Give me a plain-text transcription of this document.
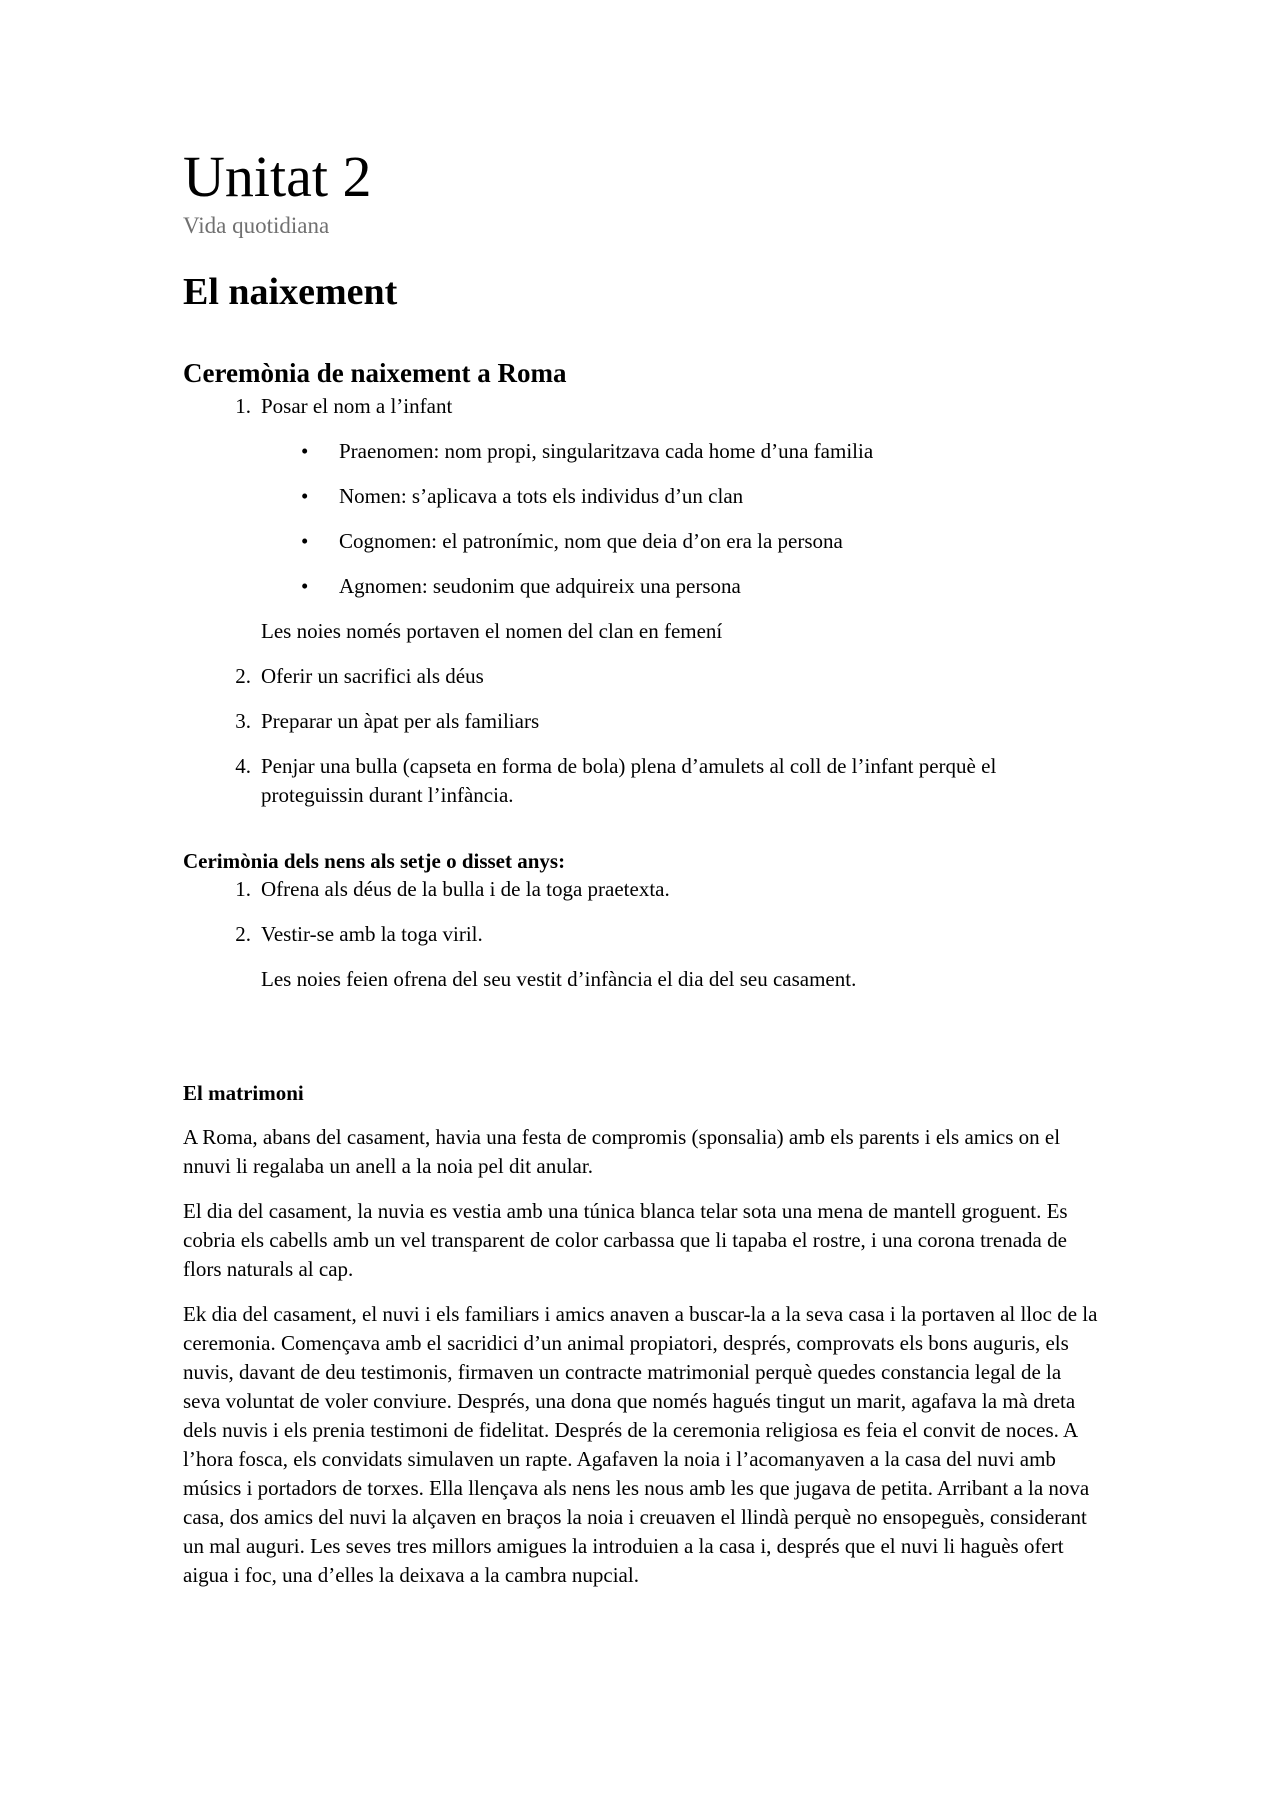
Unitat 2
Vida quotidiana
El naixement
Ceremònia de naixement a Roma
1. Posar el nom a l’infant
• Praenomen: nom propi, singularitzava cada home d’una familia
• Nomen: s’aplicava a tots els individus d’un clan
• Cognomen: el patronímic, nom que deia d’on era la persona
• Agnomen: seudonim que adquireix una persona
Les noies només portaven el nomen del clan en femení
2. Oferir un sacrifici als déus
3. Preparar un àpat per als familiars
4. Penjar una bulla (capseta en forma de bola) plena d’amulets al coll de l’infant perquè el proteguissin durant l’infància.
Cerimònia dels nens als setje o disset anys:
1. Ofrena als déus de la bulla i de la toga praetexta.
2. Vestir-se amb la toga viril.
Les noies feien ofrena del seu vestit d’infància el dia del seu casament.
El matrimoni

A Roma, abans del casament, havia una festa de compromis (sponsalia) amb els parents i els amics on el nnuvi li regalaba un anell a la noia pel dit anular.

El dia del casament, la nuvia es vestia amb una túnica blanca telar sota una mena de mantell groguent. Es cobria els cabells amb un vel transparent de color carbassa que li tapaba el rostre, i una corona trenada de flors naturals al cap.

Ek dia del casament, el nuvi i els familiars i amics anaven a buscar-la a la seva casa i la portaven al lloc de la ceremonia. Començava amb el sacridici d’un animal propiatori, després, comprovats els bons auguris, els nuvis, davant de deu testimonis, firmaven un contracte matrimonial perquè quedes constancia legal de la seva voluntat de voler conviure. Després, una dona que només hagués tingut un marit, agafava la mà dreta dels nuvis i els prenia testimoni de fidelitat. Després de la ceremonia religiosa es feia el convit de noces. A l’hora fosca, els convidats simulaven un rapte. Agafaven la noia i l’acomanyaven a la casa del nuvi amb músics i portadors de torxes. Ella llençava als nens les nous amb les que jugava de petita. Arribant a la nova casa, dos amics del nuvi la alçaven en braços la noia i creuaven el llindà perquè no ensopeguès, considerant un mal auguri. Les seves tres millors amigues la introduien a la casa i, després que el nuvi li haguès ofert aigua i foc, una d’elles la deixava a la cambra nupcial.
